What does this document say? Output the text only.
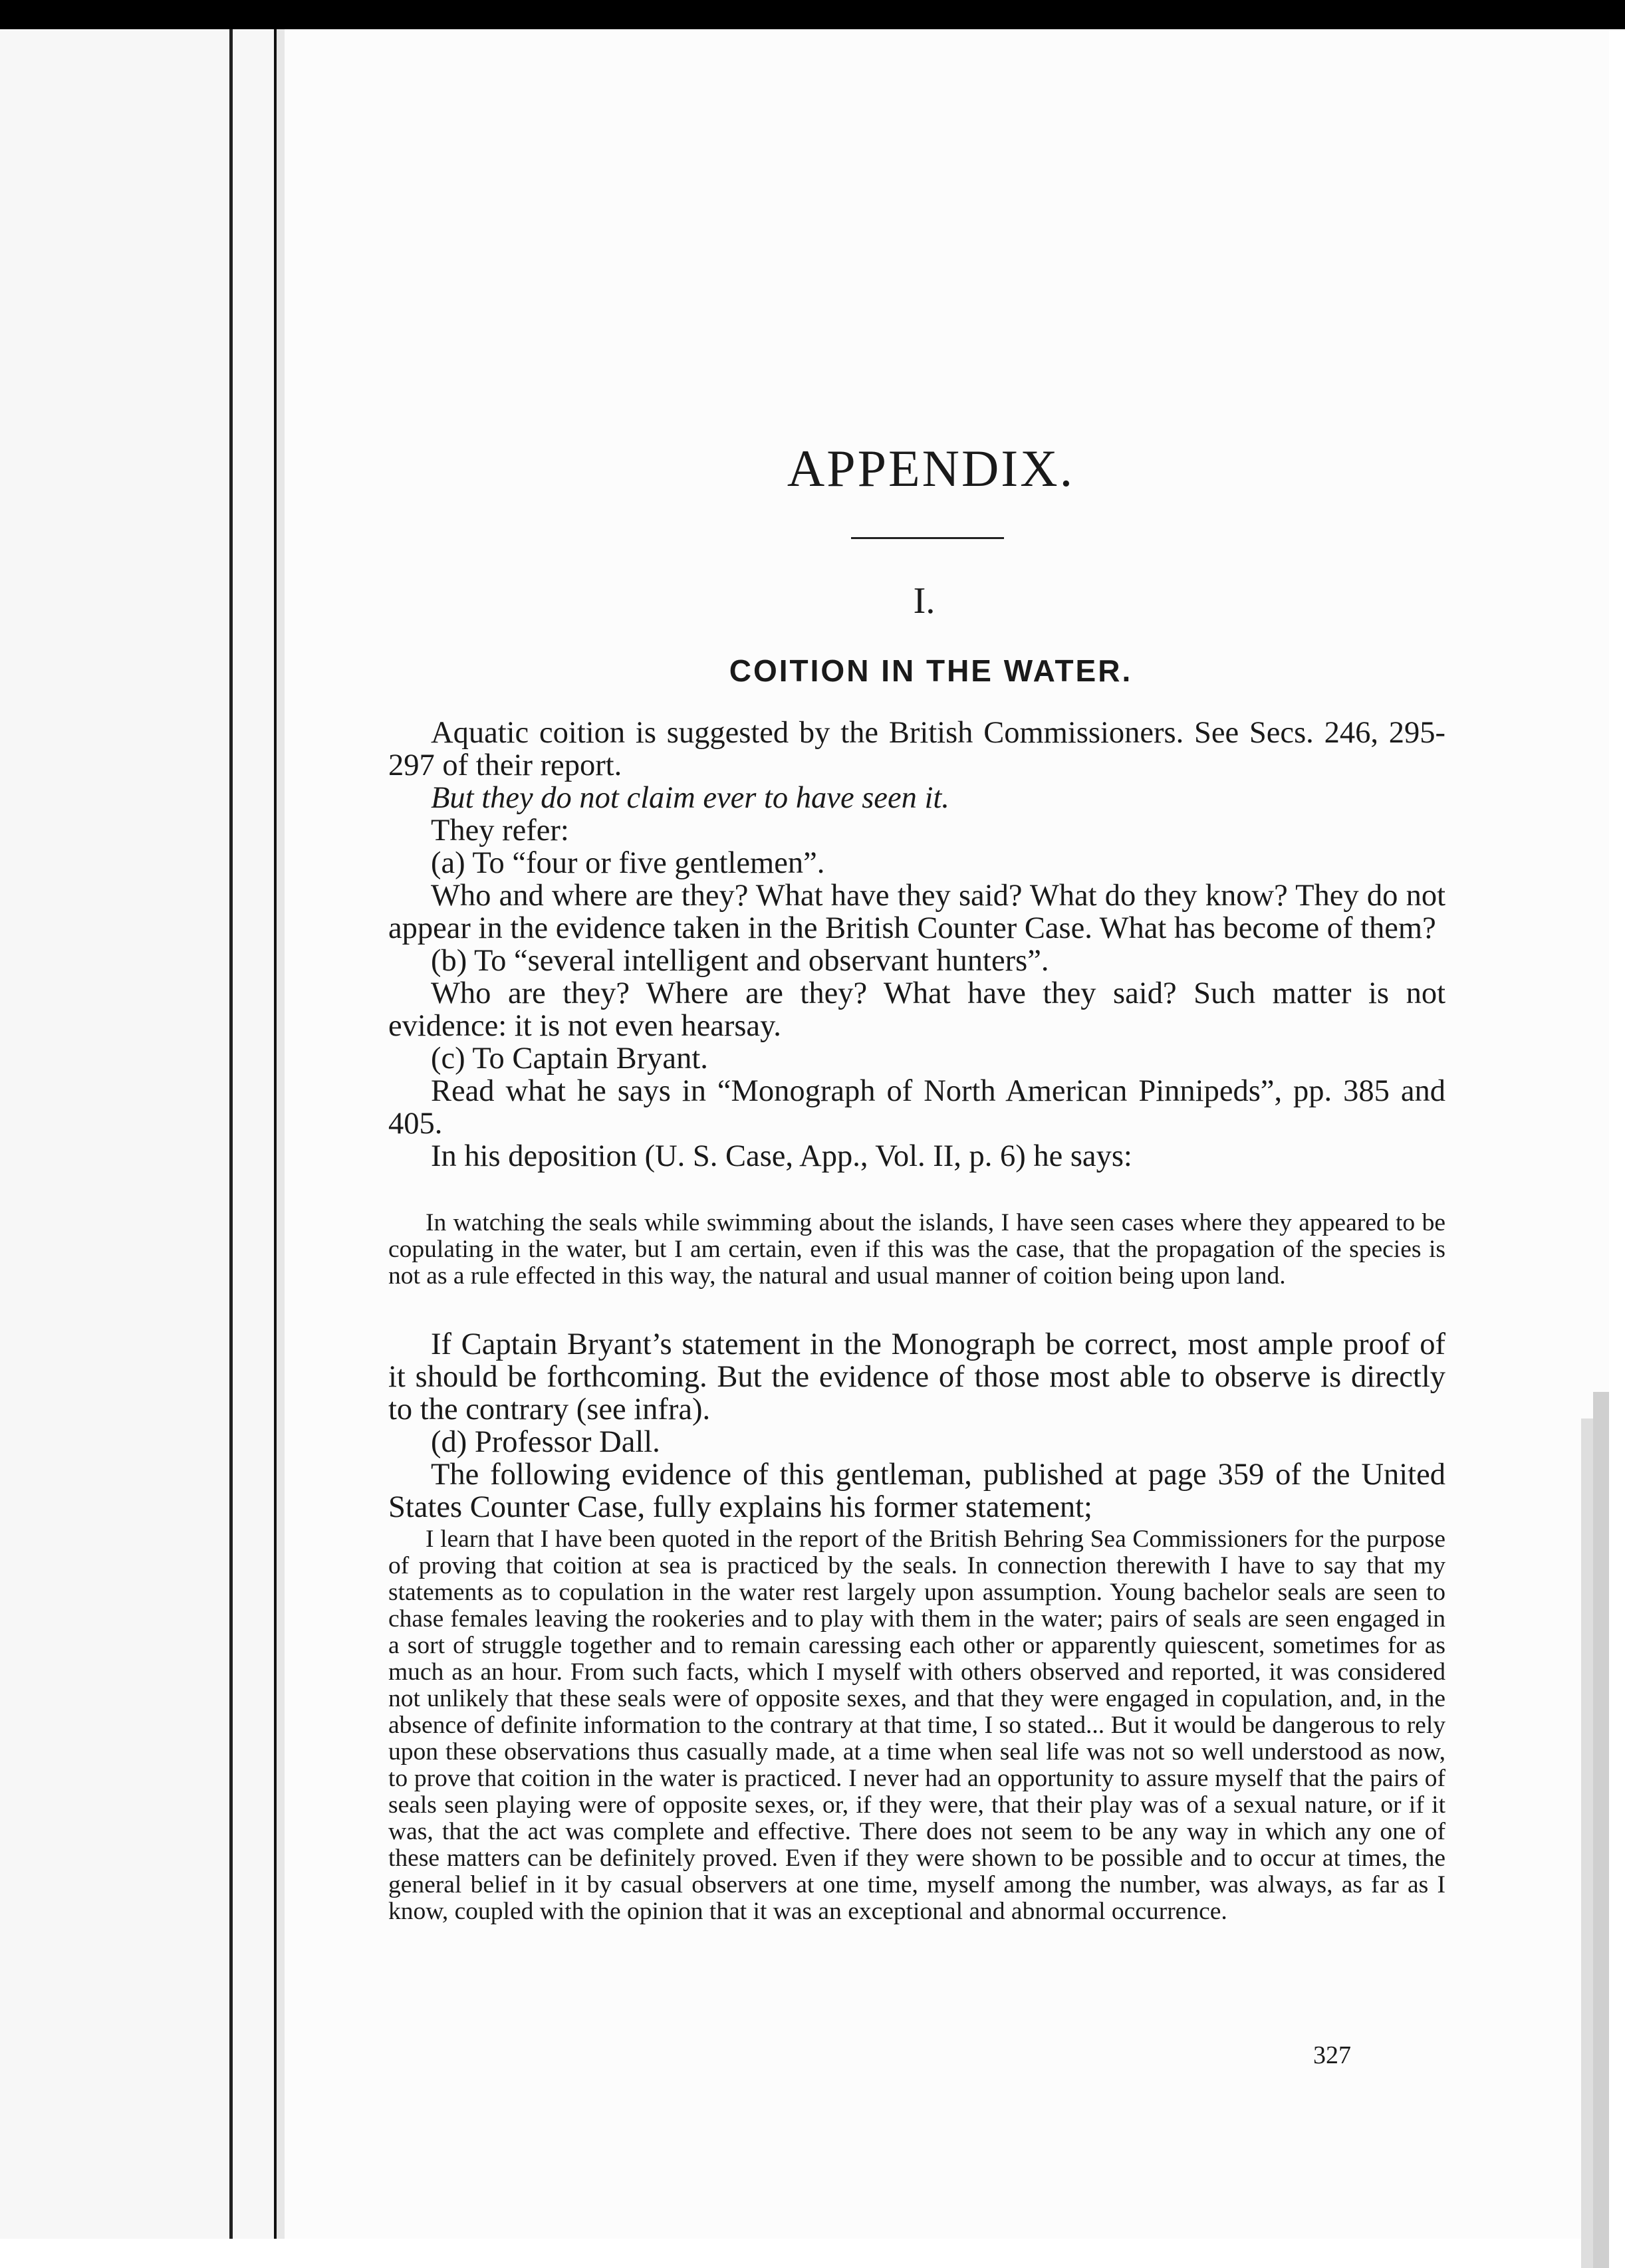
APPENDIX.
I.
COITION IN THE WATER.

Aquatic coition is suggested by the British Commissioners. See Secs. 246, 295-297 of their report.

But they do not claim ever to have seen it.

They refer:

(a) To “four or five gentlemen”.

Who and where are they? What have they said? What do they know? They do not appear in the evidence taken in the British Counter Case. What has become of them?

(b) To “several intelligent and observant hunters”.

Who are they? Where are they? What have they said? Such matter is not evidence: it is not even hearsay.

(c) To Captain Bryant.

Read what he says in “Monograph of North American Pinnipeds”, pp. 385 and 405.

In his deposition (U. S. Case, App., Vol. II, p. 6) he says:

In watching the seals while swimming about the islands, I have seen cases where they appeared to be copulating in the water, but I am certain, even if this was the case, that the propagation of the species is not as a rule effected in this way, the natural and usual manner of coition being upon land.

If Captain Bryant’s statement in the Monograph be correct, most ample proof of it should be forthcoming. But the evidence of those most able to observe is directly to the contrary (see infra).

(d) Professor Dall.

The following evidence of this gentleman, published at page 359 of the United States Counter Case, fully explains his former statement;

I learn that I have been quoted in the report of the British Behring Sea Commissioners for the purpose of proving that coition at sea is practiced by the seals. In connection therewith I have to say that my statements as to copulation in the water rest largely upon assumption. Young bachelor seals are seen to chase females leaving the rookeries and to play with them in the water; pairs of seals are seen engaged in a sort of struggle together and to remain caressing each other or apparently quiescent, sometimes for as much as an hour. From such facts, which I myself with others observed and reported, it was considered not unlikely that these seals were of opposite sexes, and that they were engaged in copulation, and, in the absence of definite information to the contrary at that time, I so stated... But it would be dangerous to rely upon these observations thus casually made, at a time when seal life was not so well understood as now, to prove that coition in the water is practiced. I never had an opportunity to assure myself that the pairs of seals seen playing were of opposite sexes, or, if they were, that their play was of a sexual nature, or if it was, that the act was complete and effective. There does not seem to be any way in which any one of these matters can be definitely proved. Even if they were shown to be possible and to occur at times, the general belief in it by casual observers at one time, myself among the number, was always, as far as I know, coupled with the opinion that it was an exceptional and abnormal occurrence.

327
